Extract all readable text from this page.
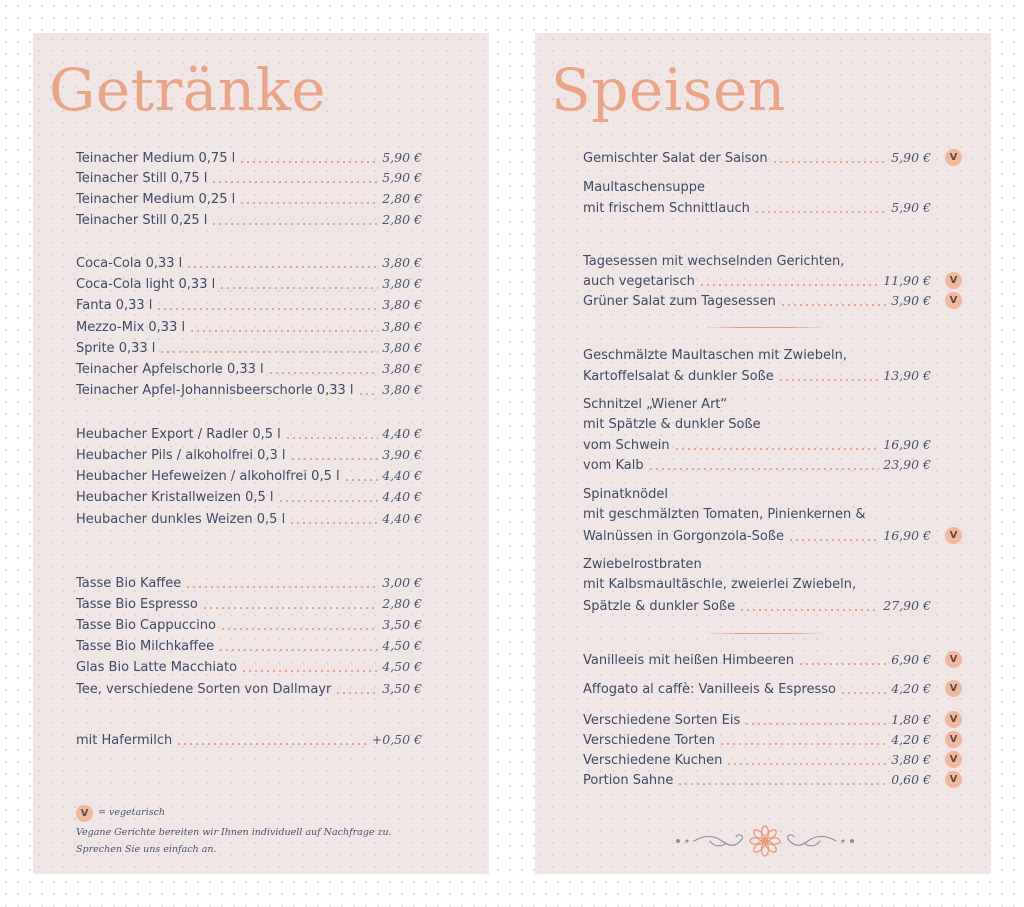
Getränke
Teinacher Medium 0,75 l	5,90 €
Teinacher Still 0,75 l	5,90 €
Teinacher Medium 0,25 l	2,80 €
Teinacher Still 0,25 l	2,80 €
Coca-Cola 0,33 l	3,80 €
Coca-Cola light 0,33 l	3,80 €
Fanta 0,33 l	3,80 €
Mezzo-Mix 0,33 l	3,80 €
Sprite 0,33 l	3,80 €
Teinacher Apfelschorle 0,33 l	3,80 €
Teinacher Apfel-Johannisbeerschorle 0,33 l 3,80 €
Heubacher Export / Radler 0,5 l	4,40 €
Heubacher Pils / alkoholfrei 0,3 l	3,90 €
Heubacher Hefeweizen / alkoholfrei 0,5 l	4,40 €
Heubacher Kristallweizen 0,5 l	4,40 €
Heubacher dunkles Weizen 0,5 l	4,40 €
Tasse Bio Kaffee	3,00 €
Tasse Bio Espresso	2,80 €
Tasse Bio Cappuccino	3,50 €
Tasse Bio Milchkaffee	4,50 €
Glas Bio Latte Macchiato	4,50 €
Tee, verschiedene Sorten von Dallmayr	3,50 €
mit Hafermilch	+0,50 €
V	= vegetarisch
Vegane Gerichte bereiten wir Ihnen individuell auf Nachfrage zu.
Sprechen Sie uns einfach an.
Speisen
Gemischter Salat der Saison	5,90 €	V
Maultaschensuppe
mit frischem Schnittlauch	5,90 €
Tagesessen mit wechselnden Gerichten,
auch vegetarisch	11,90 €	V
Grüner Salat zum Tagesessen	3,90 €	V
Geschmälzte Maultaschen mit Zwiebeln,
Kartoffelsalat & dunkler Soße	13,90 €
Schnitzel „Wiener Art“
mit Spätzle & dunkler Soße
vom Schwein	16,90 €
vom Kalb	23,90 €
Spinatknödel
mit geschmälzten Tomaten, Pinienkernen &
Walnüssen in Gorgonzola-Soße	16,90 €	V
Zwiebelrostbraten
mit Kalbsmaultäschle, zweierlei Zwiebeln,
Spätzle & dunkler Soße	27,90 €
Vanilleeis mit heißen Himbeeren	6,90 €	V
Affogato al caffè: Vanilleeis & Espresso	4,20 €	V
Verschiedene Sorten Eis	1,80 €	V
Verschiedene Torten	4,20 €	V
Verschiedene Kuchen	3,80 €	V
Portion Sahne	0,60 €	V
